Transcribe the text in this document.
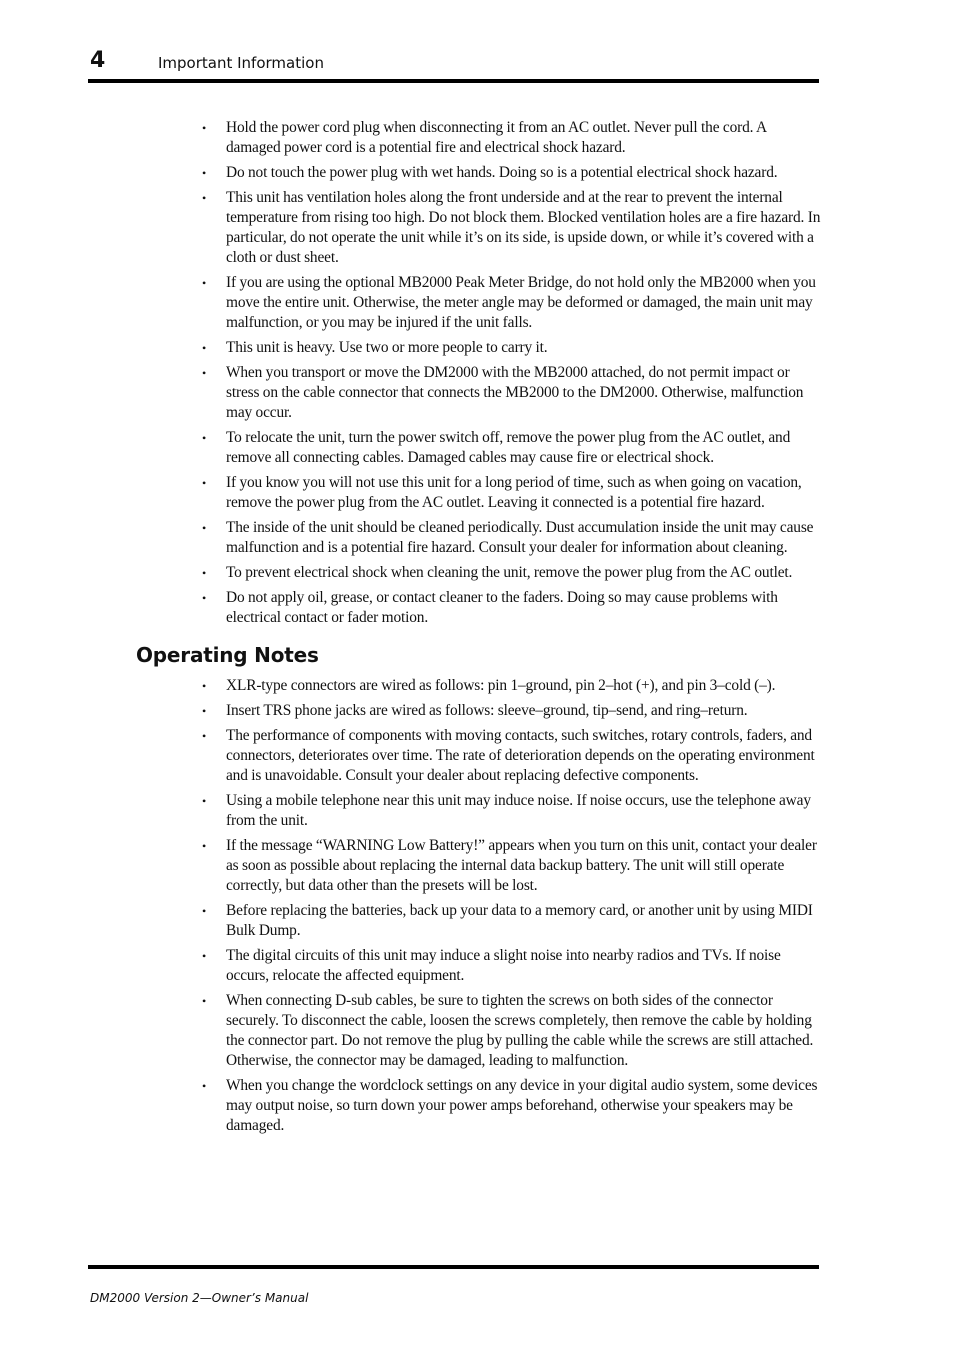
4	Important Information
• Hold the power cord plug when disconnecting it from an AC outlet. Never pull the cord. A damaged power cord is a potential fire and electrical shock hazard.
• Do not touch the power plug with wet hands. Doing so is a potential electrical shock hazard.
• This unit has ventilation holes along the front underside and at the rear to prevent the internal temperature from rising too high. Do not block them. Blocked ventilation holes are a fire hazard. In particular, do not operate the unit while it’s on its side, is upside down, or while it’s covered with a cloth or dust sheet.
• If you are using the optional MB2000 Peak Meter Bridge, do not hold only the MB2000 when you move the entire unit. Otherwise, the meter angle may be deformed or damaged, the main unit may malfunction, or you may be injured if the unit falls.
• This unit is heavy. Use two or more people to carry it.
• When you transport or move the DM2000 with the MB2000 attached, do not permit impact or stress on the cable connector that connects the MB2000 to the DM2000. Otherwise, malfunction may occur.
• To relocate the unit, turn the power switch off, remove the power plug from the AC outlet, and remove all connecting cables. Damaged cables may cause fire or electrical shock.
• If you know you will not use this unit for a long period of time, such as when going on vacation, remove the power plug from the AC outlet. Leaving it connected is a potential fire hazard.
• The inside of the unit should be cleaned periodically. Dust accumulation inside the unit may cause malfunction and is a potential fire hazard. Consult your dealer for information about cleaning.
• To prevent electrical shock when cleaning the unit, remove the power plug from the AC outlet.
• Do not apply oil, grease, or contact cleaner to the faders. Doing so may cause problems with electrical contact or fader motion.
Operating Notes
• XLR-type connectors are wired as follows: pin 1–ground, pin 2–hot (+), and pin 3–cold (–).
• Insert TRS phone jacks are wired as follows: sleeve–ground, tip–send, and ring–return.
• The performance of components with moving contacts, such switches, rotary controls, faders, and connectors, deteriorates over time. The rate of deterioration depends on the operating environment and is unavoidable. Consult your dealer about replacing defective components.
• Using a mobile telephone near this unit may induce noise. If noise occurs, use the telephone away from the unit.
• If the message “WARNING Low Battery!” appears when you turn on this unit, contact your dealer as soon as possible about replacing the internal data backup battery. The unit will still operate correctly, but data other than the presets will be lost.
• Before replacing the batteries, back up your data to a memory card, or another unit by using MIDI Bulk Dump.
• The digital circuits of this unit may induce a slight noise into nearby radios and TVs. If noise occurs, relocate the affected equipment.
• When connecting D-sub cables, be sure to tighten the screws on both sides of the connector securely. To disconnect the cable, loosen the screws completely, then remove the cable by holding the connector part. Do not remove the plug by pulling the cable while the screws are still attached. Otherwise, the connector may be damaged, leading to malfunction.
• When you change the wordclock settings on any device in your digital audio system, some devices may output noise, so turn down your power amps beforehand, otherwise your speakers may be damaged.
DM2000 Version 2—Owner’s Manual
